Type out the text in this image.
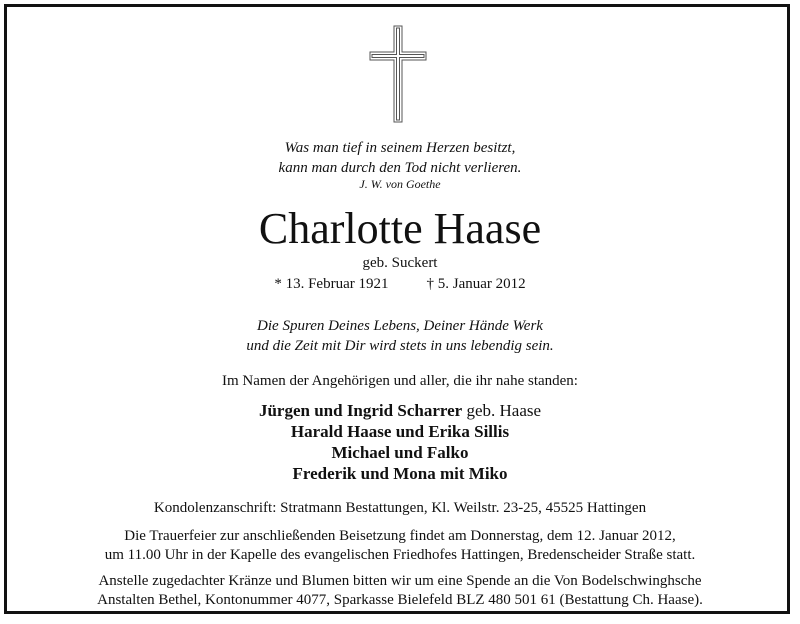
Was man tief in seinem Herzen besitzt,
kann man durch den Tod nicht verlieren.
J. W. von Goethe
Charlotte Haase
geb. Suckert
* 13. Februar 1921	† 5. Januar 2012
Die Spuren Deines Lebens, Deiner Hände Werk
und die Zeit mit Dir wird stets in uns lebendig sein.
Im Namen der Angehörigen und aller, die ihr nahe standen:
Jürgen und Ingrid Scharrer geb. Haase
Harald Haase und Erika Sillis
Michael und Falko
Frederik und Mona mit Miko
Kondolenzanschrift: Stratmann Bestattungen, Kl. Weilstr. 23-25, 45525 Hattingen
Die Trauerfeier zur anschließenden Beisetzung findet am Donnerstag, dem 12. Januar 2012,
um 11.00 Uhr in der Kapelle des evangelischen Friedhofes Hattingen, Bredenscheider Straße statt.
Anstelle zugedachter Kränze und Blumen bitten wir um eine Spende an die Von Bodelschwinghsche
Anstalten Bethel, Kontonummer 4077, Sparkasse Bielefeld BLZ 480 501 61 (Bestattung Ch. Haase).
